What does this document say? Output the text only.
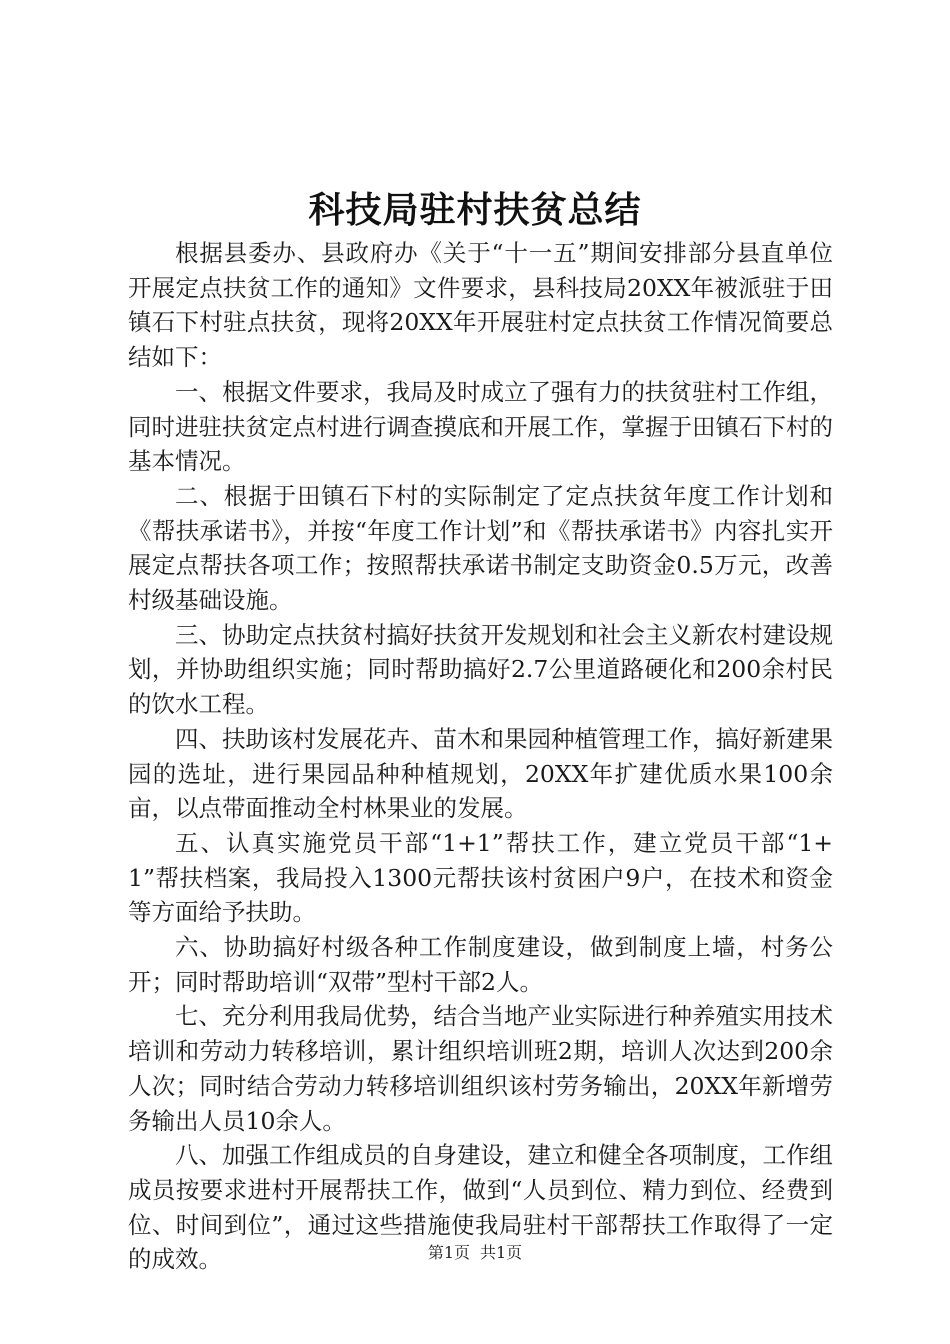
科技局驻村扶贫总结

根据县委办、县政府办《关于“十一五”期间安排部分县直单位开展定点扶贫工作的通知》文件要求，县科技局20XX年被派驻于田镇石下村驻点扶贫，现将20XX年开展驻村定点扶贫工作情况简要总结如下：

一、根据文件要求，我局及时成立了强有力的扶贫驻村工作组，同时进驻扶贫定点村进行调查摸底和开展工作，掌握于田镇石下村的基本情况。

二、根据于田镇石下村的实际制定了定点扶贫年度工作计划和《帮扶承诺书》，并按“年度工作计划”和《帮扶承诺书》内容扎实开展定点帮扶各项工作；按照帮扶承诺书制定支助资金0.5万元，改善村级基础设施。

三、协助定点扶贫村搞好扶贫开发规划和社会主义新农村建设规划，并协助组织实施；同时帮助搞好2.7公里道路硬化和200余村民的饮水工程。

四、扶助该村发展花卉、苗木和果园种植管理工作，搞好新建果园的选址，进行果园品种种植规划，20XX年扩建优质水果100余亩，以点带面推动全村林果业的发展。

五、认真实施党员干部“1+1”帮扶工作，建立党员干部“1+1”帮扶档案，我局投入1300元帮扶该村贫困户9户，在技术和资金等方面给予扶助。

六、协助搞好村级各种工作制度建设，做到制度上墙，村务公开；同时帮助培训“双带”型村干部2人。

七、充分利用我局优势，结合当地产业实际进行种养殖实用技术培训和劳动力转移培训，累计组织培训班2期，培训人次达到200余人次；同时结合劳动力转移培训组织该村劳务输出，20XX年新增劳务输出人员10余人。

八、加强工作组成员的自身建设，建立和健全各项制度，工作组成员按要求进村开展帮扶工作，做到“人员到位、精力到位、经费到位、时间到位”，通过这些措施使我局驻村干部帮扶工作取得了一定的成效。	第1页 共1页
